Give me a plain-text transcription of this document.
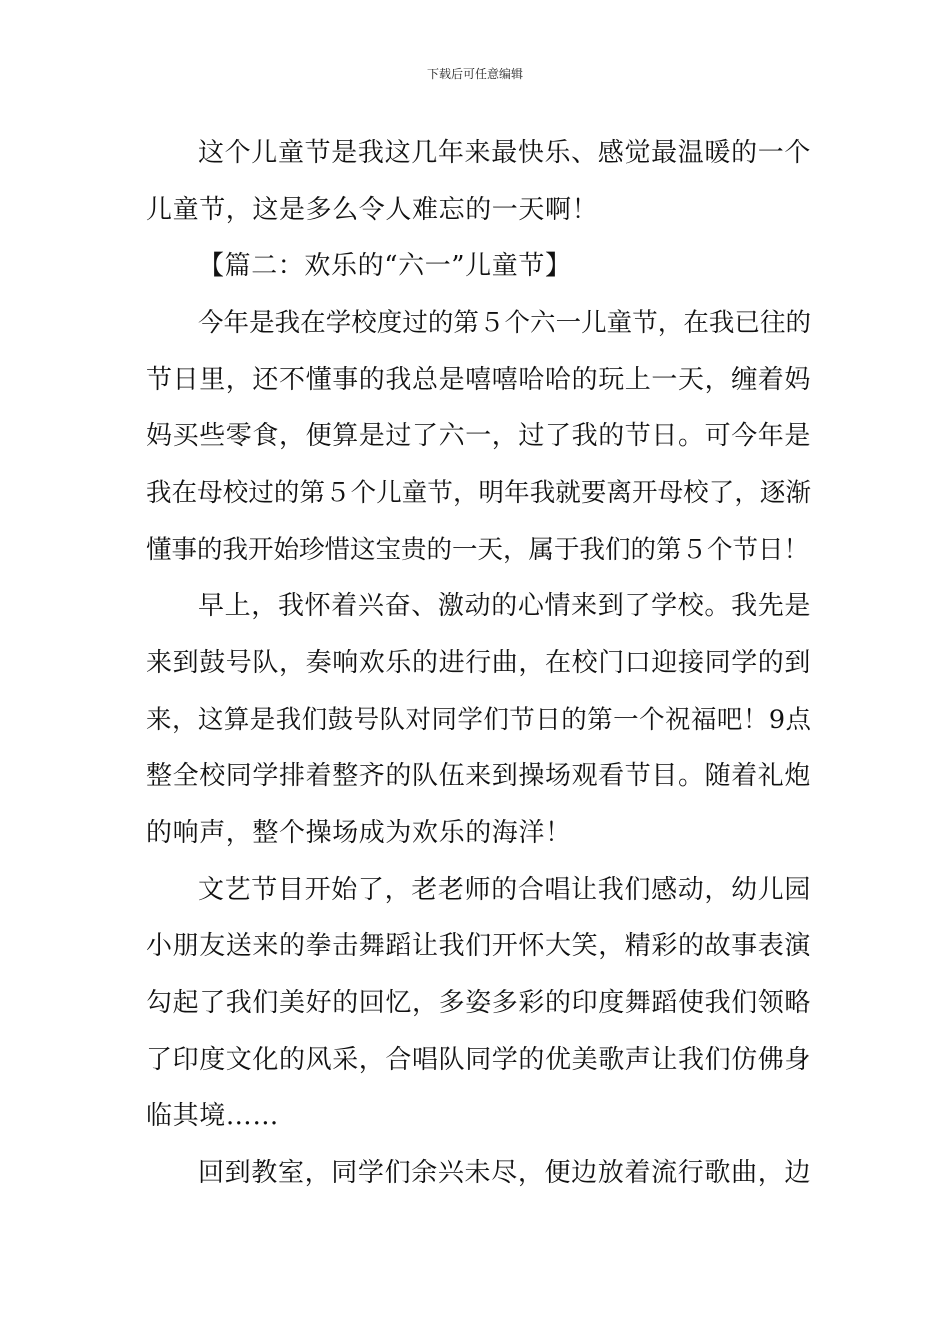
下载后可任意编辑
这个儿童节是我这几年来最快乐、感觉最温暖的一个
儿童节，这是多么令人难忘的一天啊！
【篇二：欢乐的“六一”儿童节】
今年是我在学校度过的第５个六一儿童节，在我已往的
节日里，还不懂事的我总是嘻嘻哈哈的玩上一天，缠着妈
妈买些零食，便算是过了六一，过了我的节日。可今年是
我在母校过的第５个儿童节，明年我就要离开母校了，逐渐
懂事的我开始珍惜这宝贵的一天，属于我们的第５个节日！
早上，我怀着兴奋、激动的心情来到了学校。我先是
来到鼓号队，奏响欢乐的进行曲，在校门口迎接同学的到
来，这算是我们鼓号队对同学们节日的第一个祝福吧！9点
整全校同学排着整齐的队伍来到操场观看节目。随着礼炮
的响声，整个操场成为欢乐的海洋！
文艺节目开始了，老老师的合唱让我们感动，幼儿园
小朋友送来的拳击舞蹈让我们开怀大笑，精彩的故事表演
勾起了我们美好的回忆，多姿多彩的印度舞蹈使我们领略
了印度文化的风采，合唱队同学的优美歌声让我们仿佛身
临其境……
回到教室，同学们余兴未尽，便边放着流行歌曲，边
